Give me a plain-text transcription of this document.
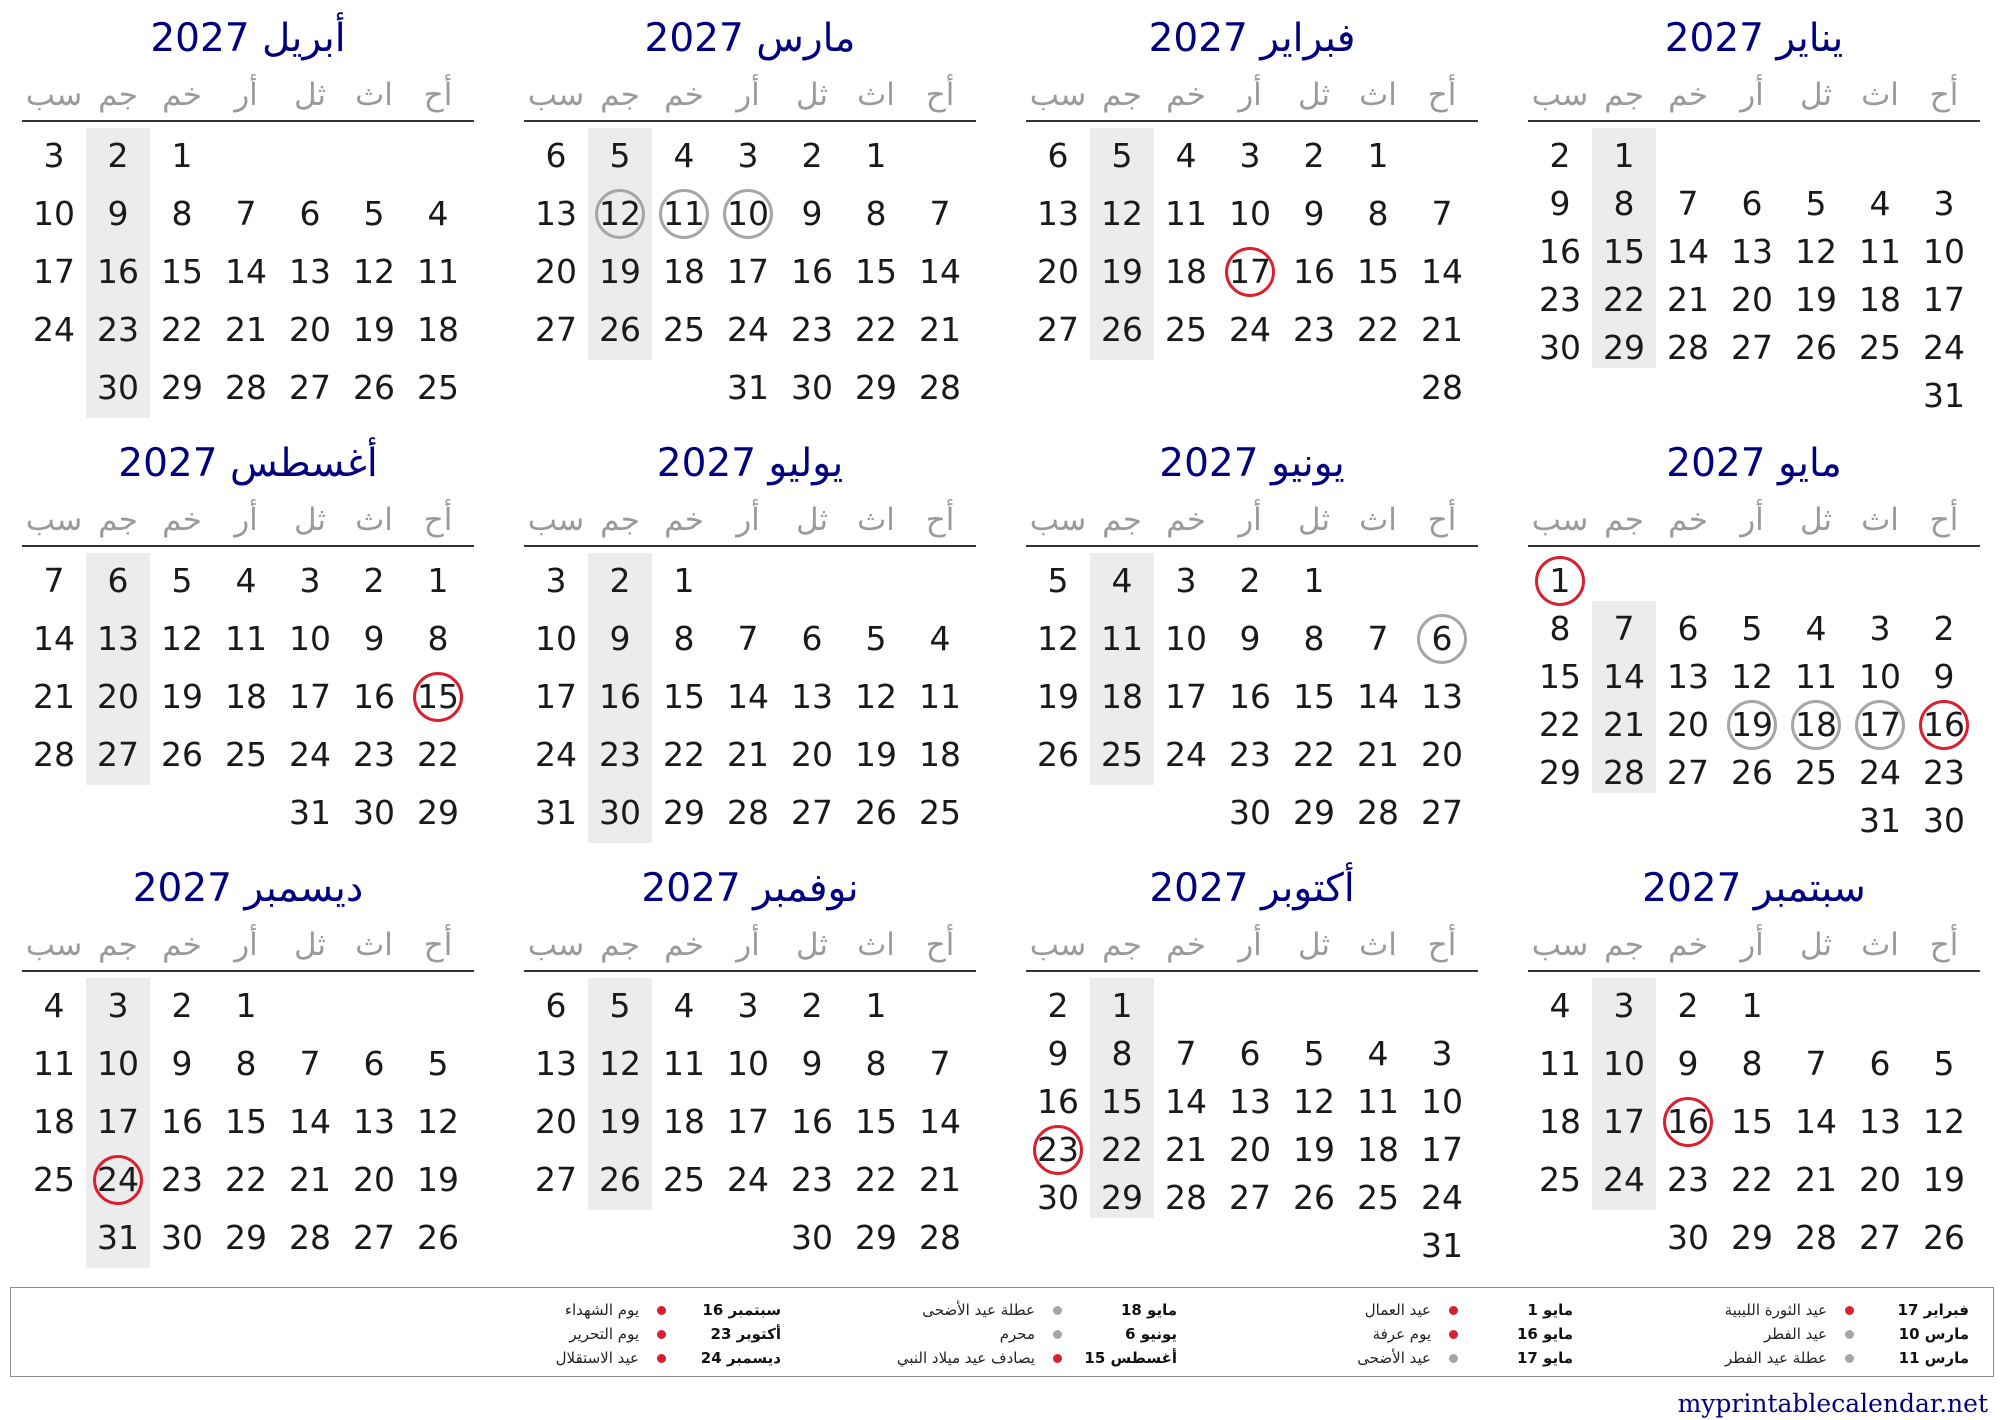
يناير 2027
أح
اث
ثل
أر
خم
جم
سب
1
2
3
4
5
6
7
8
9
10
11
12
13
14
15
16
17
18
19
20
21
22
23
24
25
26
27
28
29
30
31
فبراير 2027
أح
اث
ثل
أر
خم
جم
سب
1
2
3
4
5
6
7
8
9
10
11
12
13
14
15
16
17
18
19
20
21
22
23
24
25
26
27
28
مارس 2027
أح
اث
ثل
أر
خم
جم
سب
1
2
3
4
5
6
7
8
9
10
11
12
13
14
15
16
17
18
19
20
21
22
23
24
25
26
27
28
29
30
31
أبريل 2027
أح
اث
ثل
أر
خم
جم
سب
1
2
3
4
5
6
7
8
9
10
11
12
13
14
15
16
17
18
19
20
21
22
23
24
25
26
27
28
29
30
مايو 2027
أح
اث
ثل
أر
خم
جم
سب
1
2
3
4
5
6
7
8
9
10
11
12
13
14
15
16
17
18
19
20
21
22
23
24
25
26
27
28
29
30
31
يونيو 2027
أح
اث
ثل
أر
خم
جم
سب
1
2
3
4
5
6
7
8
9
10
11
12
13
14
15
16
17
18
19
20
21
22
23
24
25
26
27
28
29
30
يوليو 2027
أح
اث
ثل
أر
خم
جم
سب
1
2
3
4
5
6
7
8
9
10
11
12
13
14
15
16
17
18
19
20
21
22
23
24
25
26
27
28
29
30
31
أغسطس 2027
أح
اث
ثل
أر
خم
جم
سب
1
2
3
4
5
6
7
8
9
10
11
12
13
14
15
16
17
18
19
20
21
22
23
24
25
26
27
28
29
30
31
سبتمبر 2027
أح
اث
ثل
أر
خم
جم
سب
1
2
3
4
5
6
7
8
9
10
11
12
13
14
15
16
17
18
19
20
21
22
23
24
25
26
27
28
29
30
أكتوبر 2027
أح
اث
ثل
أر
خم
جم
سب
1
2
3
4
5
6
7
8
9
10
11
12
13
14
15
16
17
18
19
20
21
22
23
24
25
26
27
28
29
30
31
نوفمبر 2027
أح
اث
ثل
أر
خم
جم
سب
1
2
3
4
5
6
7
8
9
10
11
12
13
14
15
16
17
18
19
20
21
22
23
24
25
26
27
28
29
30
ديسمبر 2027
أح
اث
ثل
أر
خم
جم
سب
1
2
3
4
5
6
7
8
9
10
11
12
13
14
15
16
17
18
19
20
21
22
23
24
25
26
27
28
29
30
31
فبراير 17
عيد الثورة الليبية
مارس 10
عيد الفطر
مارس 11
عطلة عيد الفطر
مايو 1
عيد العمال
مايو 16
يوم عرفة
مايو 17
عيد الأضحى
مايو 18
عطلة عيد الأضحى
يونيو 6
محرم
أغسطس 15
يصادف عيد ميلاد النبي
سبتمبر 16
يوم الشهداء
أكتوبر 23
يوم التحرير
ديسمبر 24
عيد الاستقلال
myprintablecalendar.net
